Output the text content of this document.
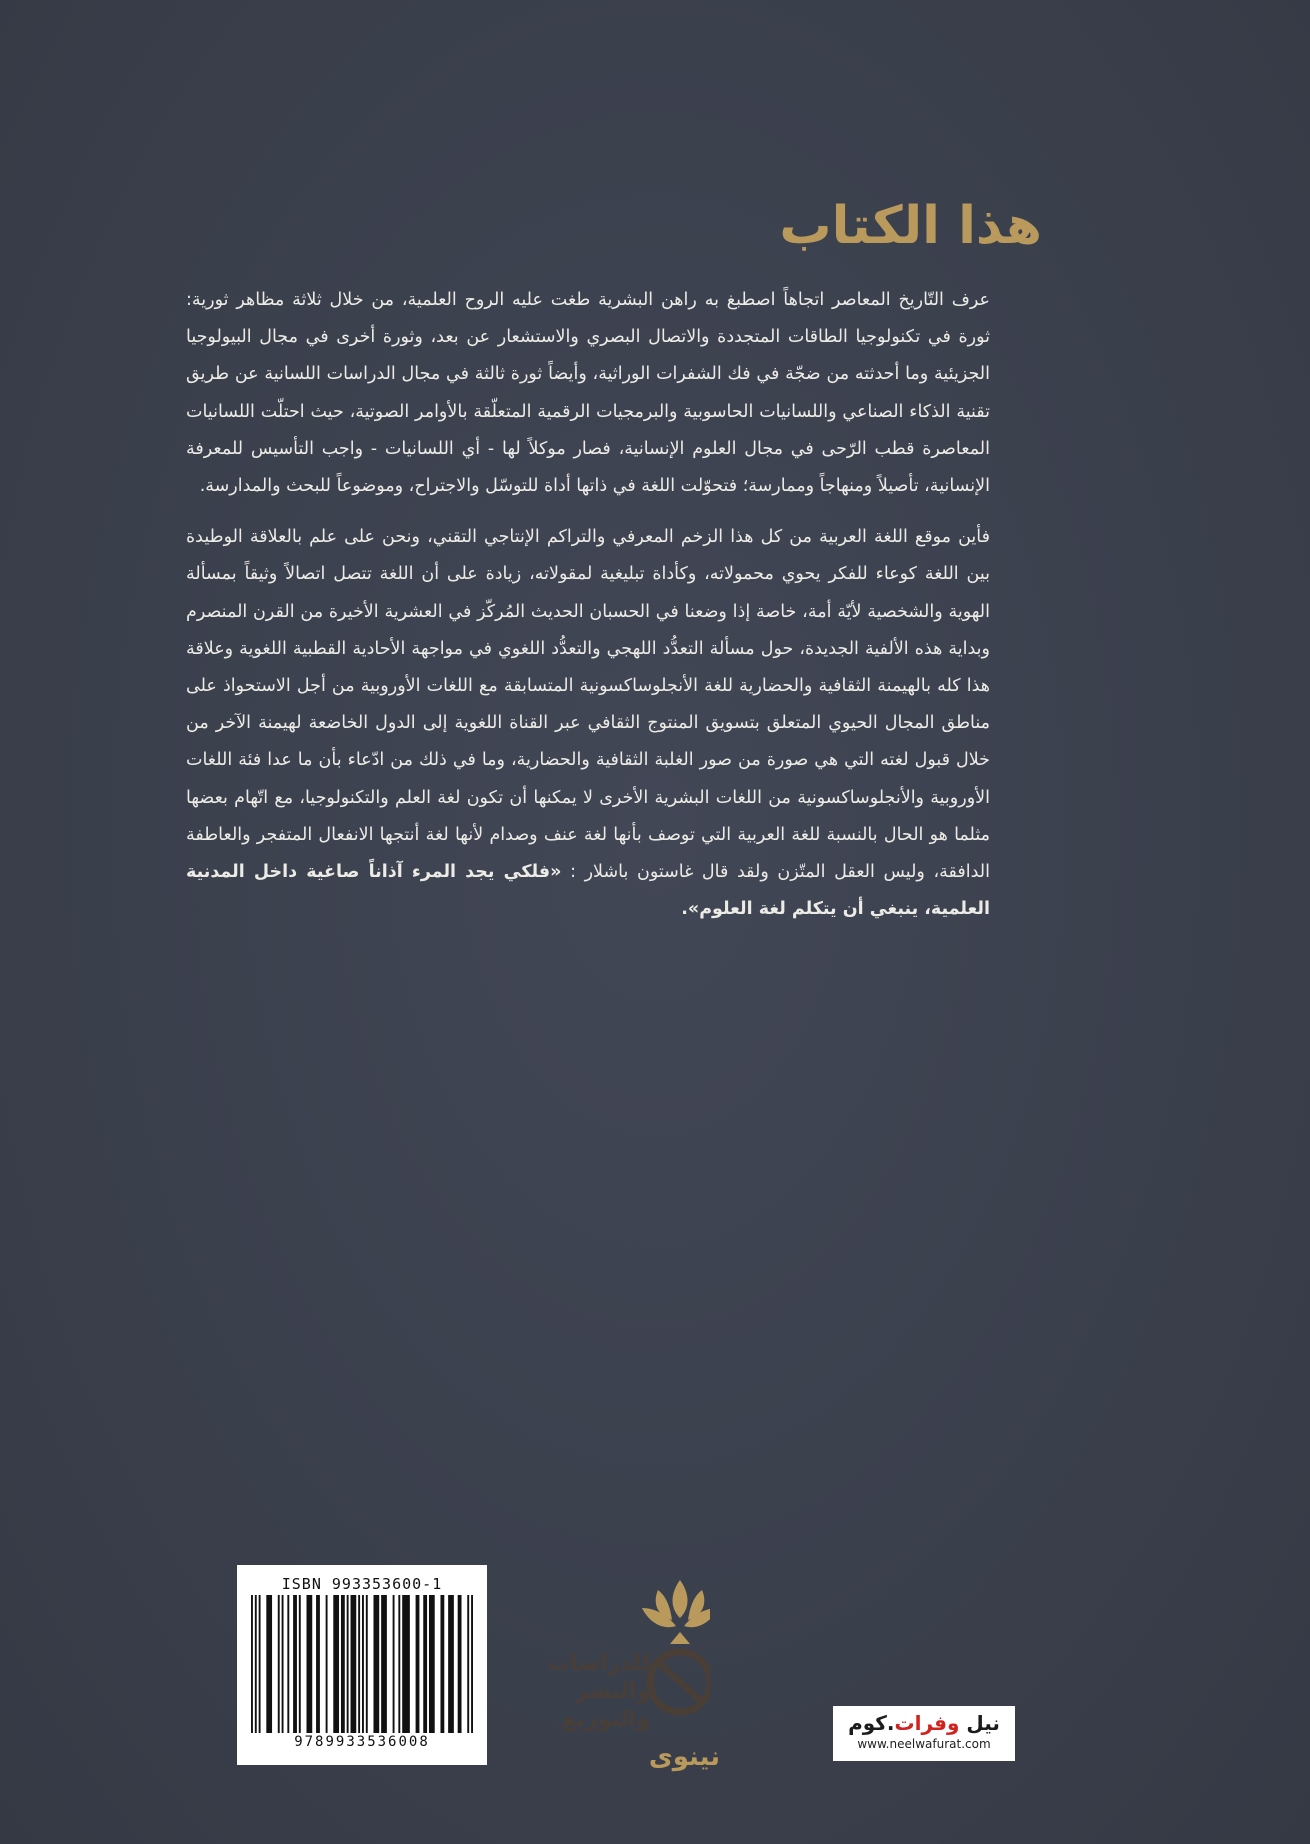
هذا الكتاب

عرف التّاريخ المعاصر اتجاهاً اصطبغ به راهن البشرية طغت عليه الروح العلمية، من خلال ثلاثة مظاهر ثورية: ثورة في تكنولوجيا الطاقات المتجددة والاتصال البصري والاستشعار عن بعد، وثورة أخرى في مجال البيولوجيا الجزيئية وما أحدثته من ضجّة في فك الشفرات الوراثية، وأيضاً ثورة ثالثة في مجال الدراسات اللسانية عن طريق تقنية الذكاء الصناعي واللسانيات الحاسوبية والبرمجيات الرقمية المتعلّقة بالأوامر الصوتية، حيث احتلّت اللسانيات المعاصرة قطب الرّحى في مجال العلوم الإنسانية، فصار موكلاً لها - أي اللسانيات - واجب التأسيس للمعرفة الإنسانية، تأصيلاً ومنهاجاً وممارسة؛ فتحوّلت اللغة في ذاتها أداة للتوسّل والاجتراح، وموضوعاً للبحث والمدارسة.

فأين موقع اللغة العربية من كل هذا الزخم المعرفي والتراكم الإنتاجي التقني، ونحن على علم بالعلاقة الوطيدة بين اللغة كوعاء للفكر يحوي محمولاته، وكأداة تبليغية لمقولاته، زيادة على أن اللغة تتصل اتصالاً وثيقاً بمسألة الهوية والشخصية لأيّة أمة، خاصة إذا وضعنا في الحسبان الحديث المُركّز في العشرية الأخيرة من القرن المنصرم وبداية هذه الألفية الجديدة، حول مسألة التعدُّد اللهجي والتعدُّد اللغوي في مواجهة الأحادية القطبية اللغوية وعلاقة هذا كله بالهيمنة الثقافية والحضارية للغة الأنجلوساكسونية المتسابقة مع اللغات الأوروبية من أجل الاستحواذ على مناطق المجال الحيوي المتعلق بتسويق المنتوج الثقافي عبر القناة اللغوية إلى الدول الخاضعة لهيمنة الآخر من خلال قبول لغته التي هي صورة من صور الغلبة الثقافية والحضارية، وما في ذلك من ادّعاء بأن ما عدا فئة اللغات الأوروبية والأنجلوساكسونية من اللغات البشرية الأخرى لا يمكنها أن تكون لغة العلم والتكنولوجيا، مع اتّهام بعضها مثلما هو الحال بالنسبة للغة العربية التي توصف بأنها لغة عنف وصدام لأنها لغة أنتجها الانفعال المتفجر والعاطفة الدافقة، وليس العقل المتّزن ولقد قال غاستون باشلار : «فلكي يجد المرء آذاناً صاغية داخل المدنية العلمية، ينبغي أن يتكلم لغة العلوم».

ISBN 993353600-1
9789933536008
للدراسات والنشر والتوزيع
نينوى
نيل وفرات.كوم
www.neelwafurat.com
